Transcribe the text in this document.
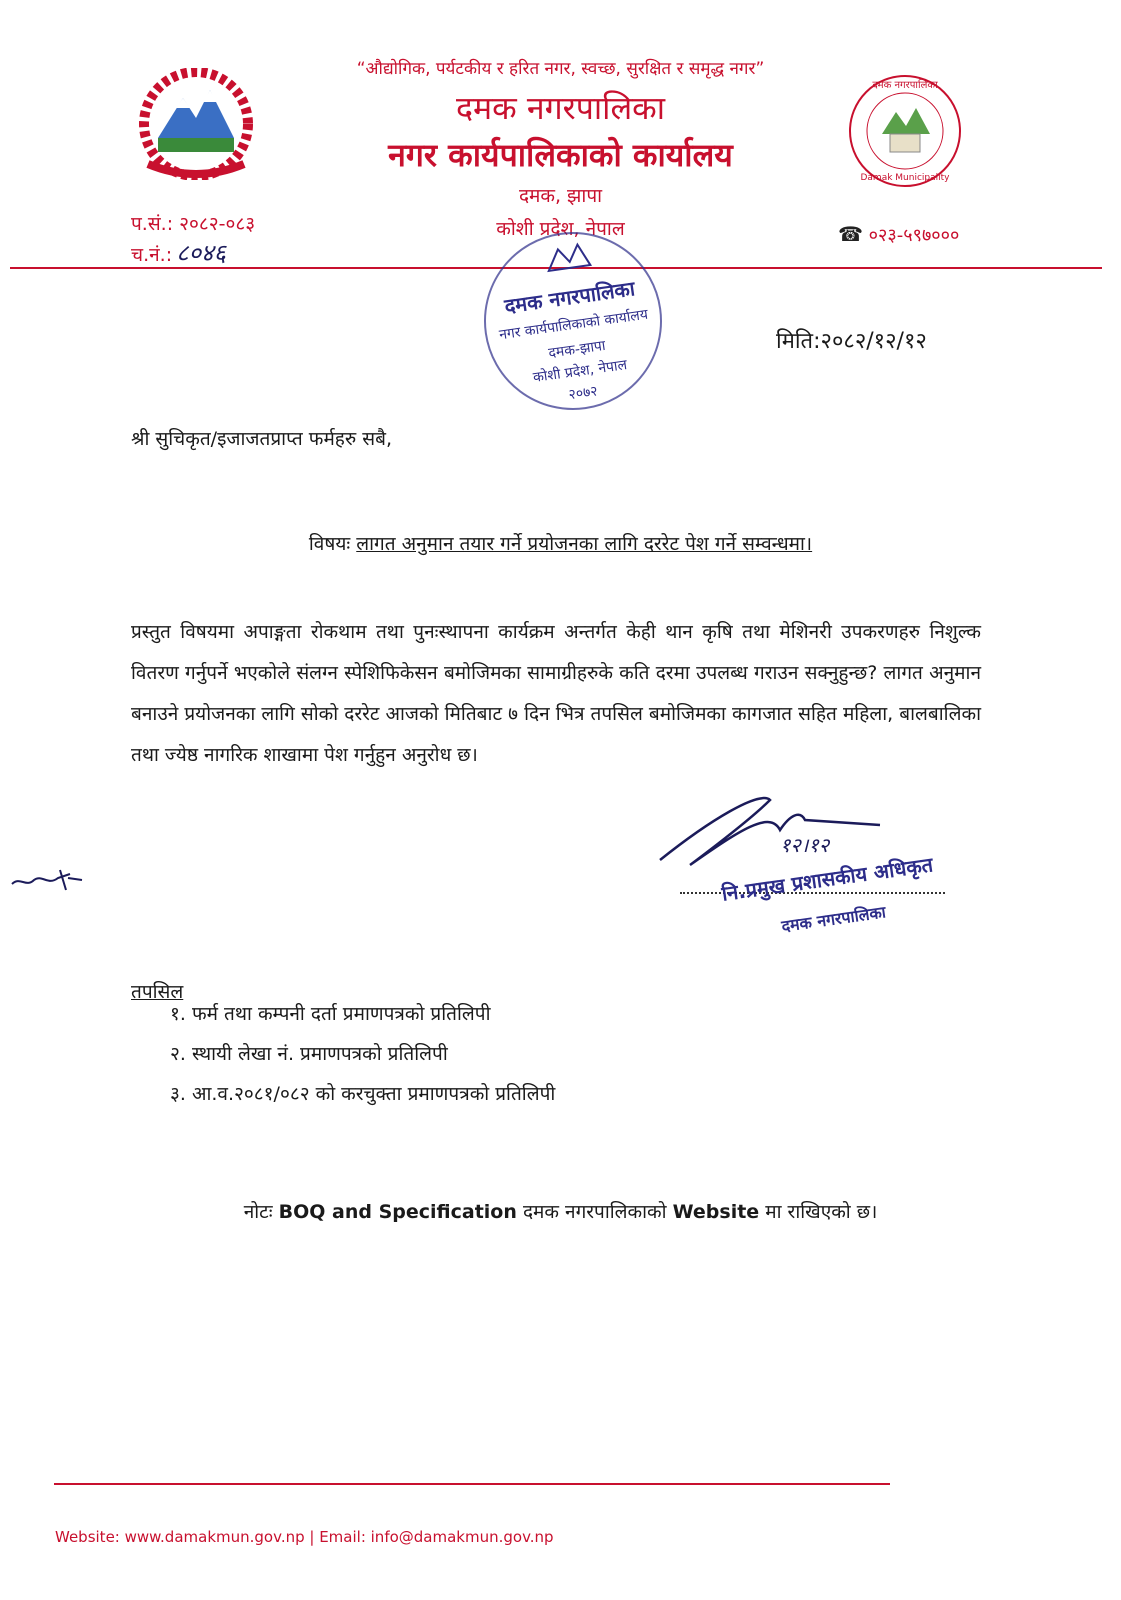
“औद्योगिक, पर्यटकीय र हरित नगर, स्वच्छ, सुरक्षित र समृद्ध नगर”
दमक नगरपालिका
नगर कार्यपालिकाको कार्यालय
दमक, झापा
कोशी प्रदेश, नेपाल
दमक नगरपालिका
Damak Municipality
प.सं.: २०८२-०८३
च.नं.: ८०४६
☎ ०२३-५९७०००
दमक नगरपालिका
नगर कार्यपालिकाको कार्यालय
दमक-झापा
कोशी प्रदेश, नेपाल
२०७२
मिति:२०८२/१२/१२
श्री सुचिकृत/इजाजतप्राप्त फर्महरु सबै,
विषयः लागत अनुमान तयार गर्ने प्रयोजनका लागि दररेट पेश गर्ने सम्वन्धमा।
प्रस्तुत विषयमा अपाङ्गता रोकथाम तथा पुनःस्थापना कार्यक्रम अन्तर्गत केही थान कृषि तथा मेशिनरी उपकरणहरु निशुल्क वितरण गर्नुपर्ने भएकोले संलग्न स्पेशिफिकेसन बमोजिमका सामाग्रीहरुके कति दरमा उपलब्ध गराउन सक्नुहुन्छ? लागत अनुमान बनाउने प्रयोजनका लागि सोको दररेट आजको मितिबाट ७ दिन भित्र तपसिल बमोजिमका कागजात सहित महिला, बालबालिका तथा ज्येष्ठ नागरिक शाखामा पेश गर्नुहुन अनुरोध छ।
१२।१२
नि.प्रमुख प्रशासकीय अधिकृत
दमक नगरपालिका
तपसिल
१. फर्म तथा कम्पनी दर्ता प्रमाणपत्रको प्रतिलिपी
२. स्थायी लेखा नं. प्रमाणपत्रको प्रतिलिपी
३. आ.व.२०८१/०८२ को करचुक्ता प्रमाणपत्रको प्रतिलिपी
नोटः BOQ and Specification दमक नगरपालिकाको Website मा राखिएको छ।
Website: www.damakmun.gov.np | Email: info@damakmun.gov.np
